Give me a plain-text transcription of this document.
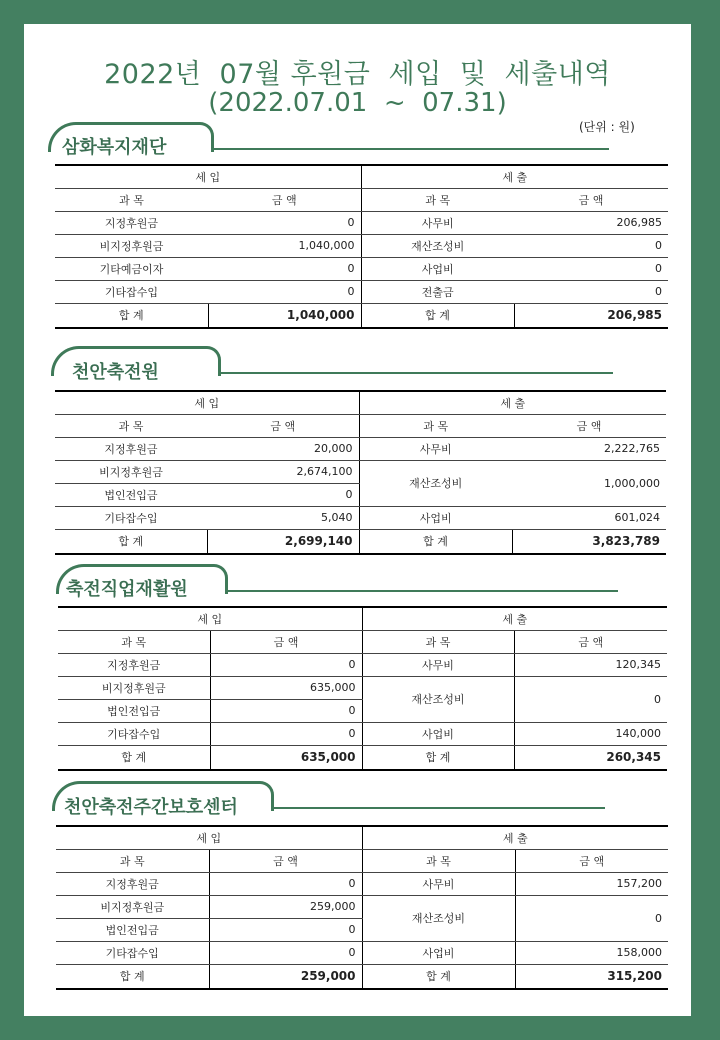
2022년  07월 후원금  세입  및  세출내역
(2022.07.01  ~  07.31)
(단위 : 원)
삼화복지재단
세 입		세 출	
과 목	금 액	과 목	금 액
지정후원금	0	사무비	206,985
비지정후원금	1,040,000	재산조성비	0
기타예금이자	0	사업비	0
기타잡수입	0	전출금	0
합 계	1,040,000	합 계	206,985
천안축전원
세 입		세 출	
과 목	금 액	과 목	금 액
지정후원금	20,000	사무비	2,222,765
비지정후원금	2,674,100	재산조성비	1,000,000
법인전입금	0		
기타잡수입	5,040	사업비	601,024
합 계	2,699,140	합 계	3,823,789
축전직업재활원
세 입		세 출	
과 목	금 액	과 목	금 액
지정후원금	0	사무비	120,345
비지정후원금	635,000	재산조성비	0
법인전입금	0		
기타잡수입	0	사업비	140,000
합 계	635,000	합 계	260,345
천안축전주간보호센터
세 입		세 출	
과 목	금 액	과 목	금 액
지정후원금	0	사무비	157,200
비지정후원금	259,000	재산조성비	0
법인전입금	0		
기타잡수입	0	사업비	158,000
합 계	259,000	합 계	315,200
